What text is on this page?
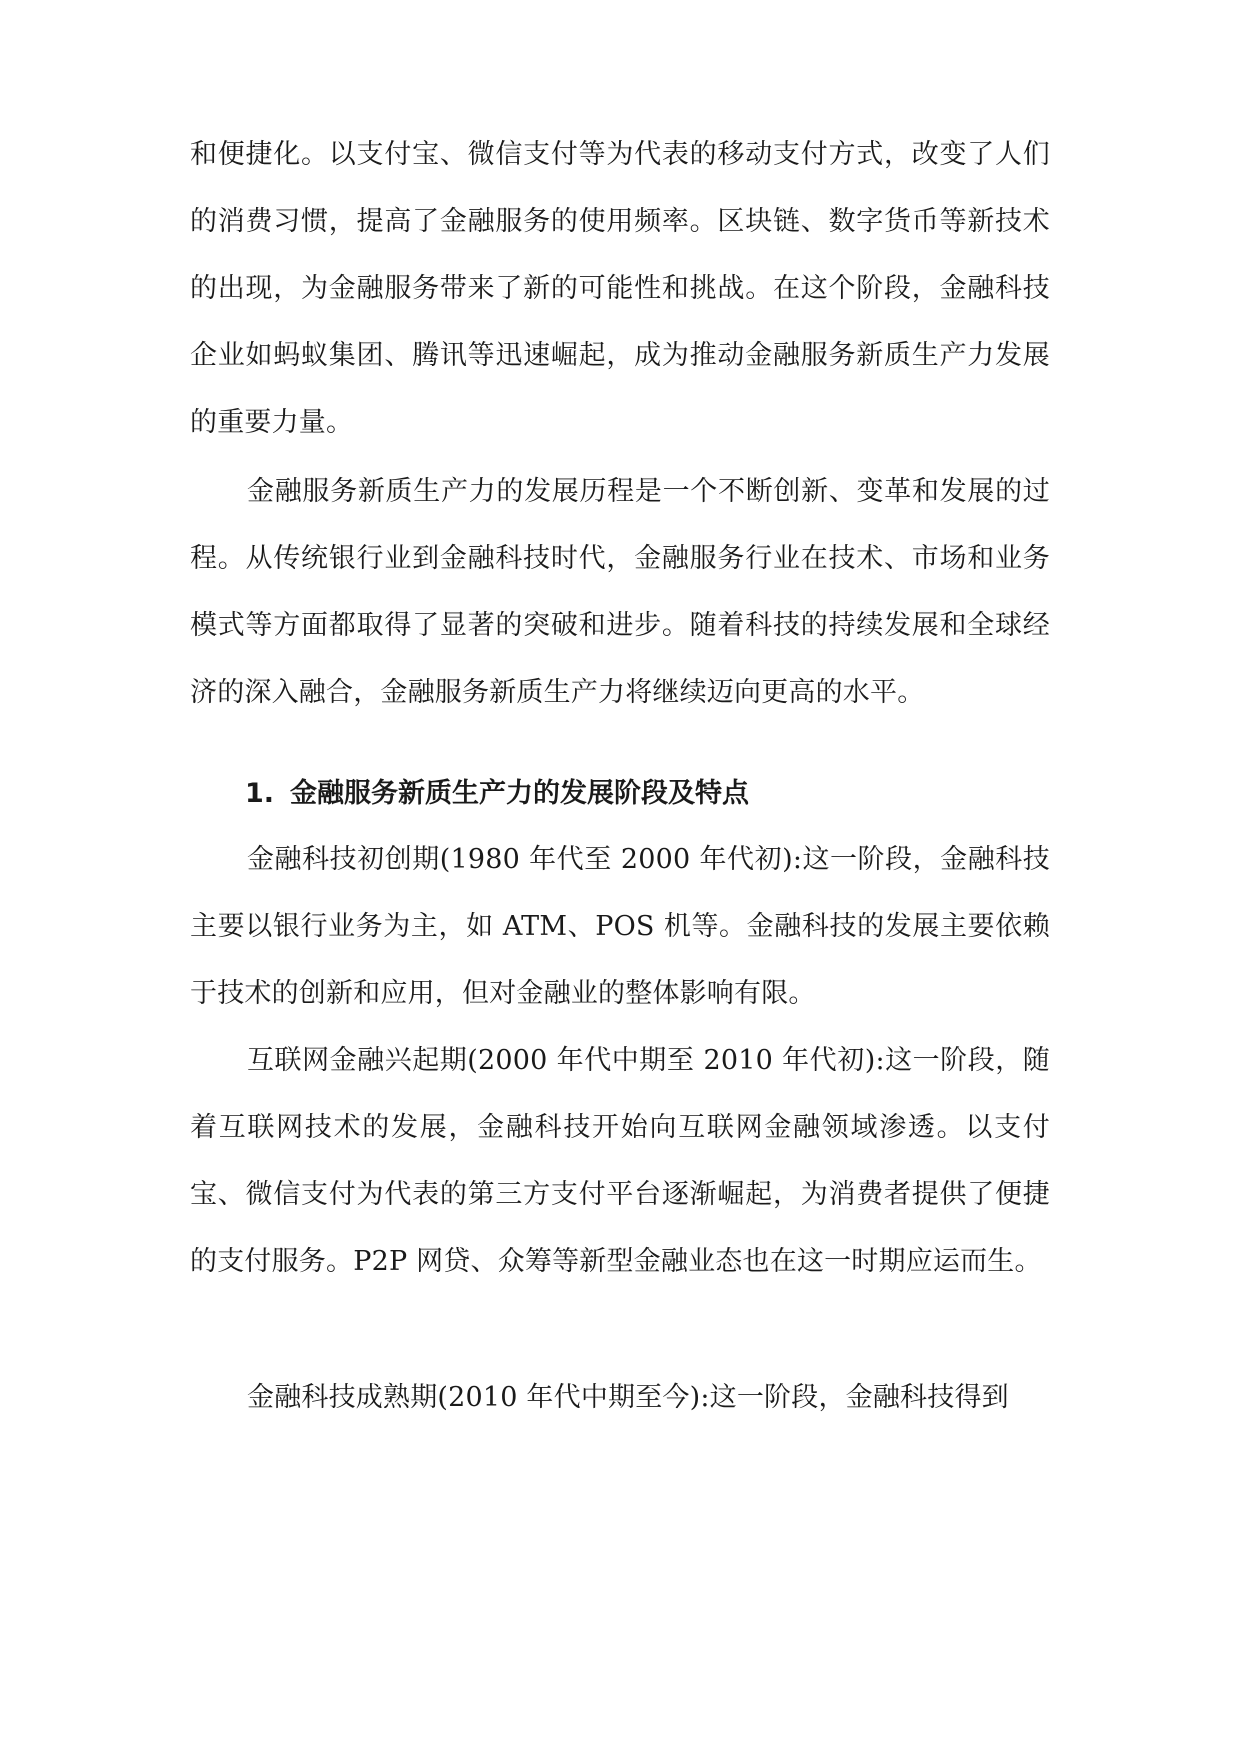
和便捷化。以支付宝、微信支付等为代表的移动支付方式，改变了人们的消费习惯，提高了金融服务的使用频率。区块链、数字货币等新技术的出现，为金融服务带来了新的可能性和挑战。在这个阶段，金融科技企业如蚂蚁集团、腾讯等迅速崛起，成为推动金融服务新质生产力发展的重要力量。

金融服务新质生产力的发展历程是一个不断创新、变革和发展的过程。从传统银行业到金融科技时代，金融服务行业在技术、市场和业务模式等方面都取得了显著的突破和进步。随着科技的持续发展和全球经济的深入融合，金融服务新质生产力将继续迈向更高的水平。

1. 金融服务新质生产力的发展阶段及特点

金融科技初创期(1980 年代至 2000 年代初):这一阶段，金融科技主要以银行业务为主，如 ATM、POS 机等。金融科技的发展主要依赖于技术的创新和应用，但对金融业的整体影响有限。

互联网金融兴起期(2000 年代中期至 2010 年代初):这一阶段，随着互联网技术的发展，金融科技开始向互联网金融领域渗透。以支付宝、微信支付为代表的第三方支付平台逐渐崛起，为消费者提供了便捷的支付服务。P2P 网贷、众筹等新型金融业态也在这一时期应运而生。

金融科技成熟期(2010 年代中期至今):这一阶段，金融科技得到
